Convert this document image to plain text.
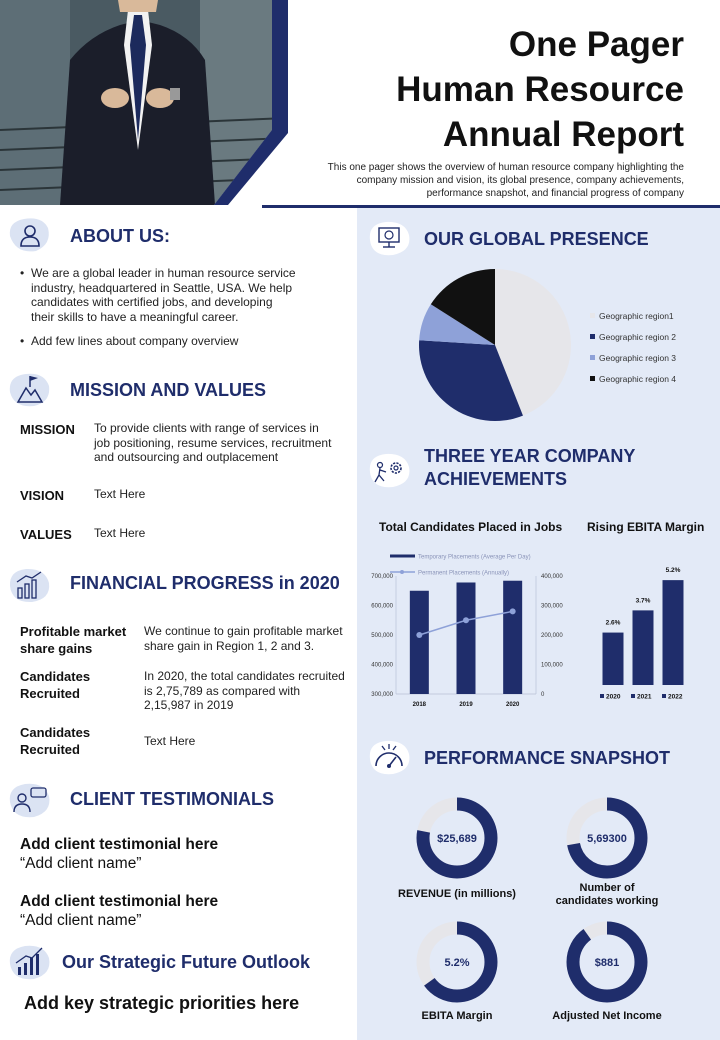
One Pager
Human Resource
Annual Report
This one pager shows the overview of human resource company highlighting the
company mission and vision, its global presence, company achievements,
performance snapshot, and financial progress of company
ABOUT US:
• We are a global leader in human resource service
industry, headquartered in Seattle, USA. We help
candidates with certified jobs, and developing
their skills to have a meaningful career.
• Add few lines about company overview
MISSION AND VALUES
MISSION To provide clients with range of services in
job positioning, resume services, recruitment
and outsourcing and outplacement
VISION Text Here
VALUES Text Here
FINANCIAL PROGRESS in 2020
Profitable market
share gains
We continue to gain profitable market
share gain in Region 1, 2 and 3.
Candidates
Recruited
In 2020, the total candidates recruited
is 2,75,789 as compared with
2,15,987 in 2019
Candidates
Recruited
Text Here
CLIENT TESTIMONIALS
Add client testimonial here
“Add client name”
Add client testimonial here
“Add client name”
Our Strategic Future Outlook
Add key strategic priorities here
OUR GLOBAL PRESENCE
Geographic region1
Geographic region 2
Geographic region 3
Geographic region 4
THREE YEAR COMPANY
ACHIEVEMENTS
Total Candidates Placed in Jobs Rising EBITA Margin
Temporary Placements (Average Per Day)
Permanent Placements (Annually)
300,000
400,000
500,000
600,000
700,000
0
100,000
200,000
300,000
400,000
2018	2019	2020
2.6%
2020
3.7%
2021
5.2%
2022
PERFORMANCE SNAPSHOT
$25,689
REVENUE (in millions)
5,69300
Number of
candidates working
5.2%
EBITA Margin
$881
Adjusted Net Income
